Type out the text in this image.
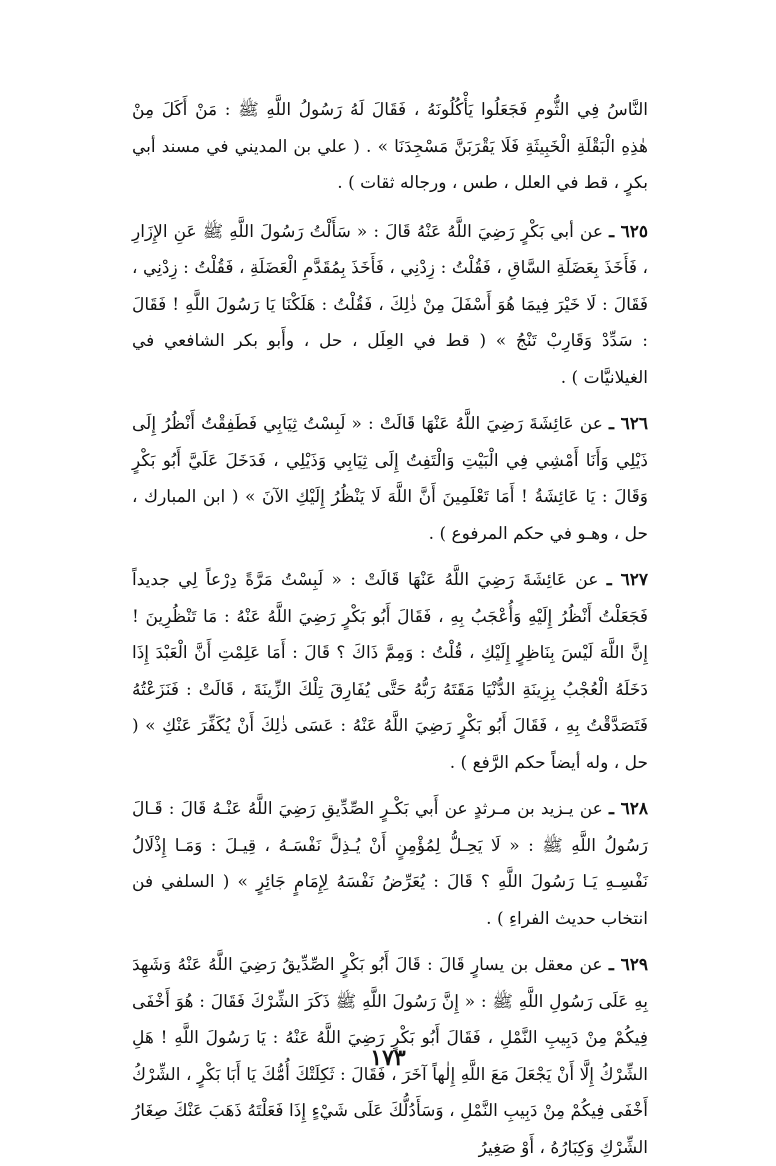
النَّاسُ فِي الثُّومِ فَجَعَلُوا يَأْكُلُونَهُ ، فَقَالَ لَهُ رَسُولُ اللَّهِ ﷺ : مَنْ أَكَلَ مِنْ هٰذِهِ الْبَقْلَةِ الْخَبِيثَةِ فَلَا يَقْرَبَنَّ مَسْجِدَنَا » . ( علي بن المديني في مسند أبي بكرٍ ، قط في العلل ، طس ، ورجاله ثقات ) .

٦٢٥ ـ عن أبي بَكْرٍ رَضِيَ اللَّهُ عَنْهُ قَالَ : « سَأَلْتُ رَسُولَ اللَّهِ ﷺ عَنِ الإِزَارِ ، فَأَخَذَ بِعَضَلَةِ السَّاقِ ، فَقُلْتُ : زِدْنِي ، فَأَخَذَ بِمُقَدَّمِ الْعَضَلَةِ ، فَقُلْتُ : زِدْنِي ، فَقَالَ : لَا خَيْرَ فِيمَا هُوَ أَسْفَلَ مِنْ ذٰلِكَ ، فَقُلْتُ : هَلَكْنَا يَا رَسُولَ اللَّهِ ! فَقَالَ : سَدِّدْ وَقَارِبْ تَنْجُ » ( قط في العِلَل ، حل ، وأَبو بكر الشافعي في الغيلانيَّات ) .

٦٢٦ ـ عن عَائِشَةَ رَضِيَ اللَّهُ عَنْهَا قَالَتْ : « لَبِسْتُ ثِيَابِي فَطَفِقْتُ أَنْظُرُ إِلَى ذَيْلِي وَأَنَا أَمْشِي فِي الْبَيْتِ وَالْتَفِتُ إِلَى ثِيَابِي وَذَيْلِي ، فَدَخَلَ عَلَيَّ أَبُو بَكْرٍ وَقَالَ : يَا عَائِشَةُ ! أَمَا تَعْلَمِينَ أَنَّ اللَّهَ لَا يَنْظُرُ إِلَيْكِ الآنَ » ( ابن المبارك ، حل ، وهـو في حكم المرفوع ) .

٦٢٧ ـ عن عَائِشَةَ رَضِيَ اللَّهُ عَنْهَا قَالَتْ : « لَبِسْتُ مَرَّةً دِرْعاً لِي جديداً فَجَعَلْتُ أَنْظُرُ إِلَيْهِ وَأُعْجَبُ بِهِ ، فَقَالَ أَبُو بَكْرٍ رَضِيَ اللَّهُ عَنْهُ : مَا تَنْظُرِينَ ! إِنَّ اللَّهَ لَيْسَ بِنَاظِرٍ إِلَيْكِ ، قُلْتُ : وَمِمَّ ذَاكَ ؟ قَالَ : أَمَا عَلِمْتِ أَنَّ الْعَبْدَ إِذَا دَخَلَهُ الْعُجْبُ بِزِينَةِ الدُّنْيَا مَقَتَهُ رَبُّهُ حَتَّى يُفَارِقَ تِلْكَ الزِّينَةَ ، قَالَتْ : فَنَزَعْتُهُ فَتَصَدَّقْتُ بِهِ ، فَقَالَ أَبُو بَكْرٍ رَضِيَ اللَّهُ عَنْهُ : عَسَى ذٰلِكَ أَنْ يُكَفِّرَ عَنْكِ » ( حل ، وله أيضاً حكم الرَّفع ) .

٦٢٨ ـ عن يـزيد بن مـرثدٍ عن أَبي بَكْـرٍ الصِّدِّيقِ رَضِيَ اللَّهُ عَنْـهُ قَالَ : قَـالَ رَسُولُ اللَّهِ ﷺ : « لَا يَحِـلُّ لِمُؤْمِنٍ أَنْ يُـذِلَّ نَفْسَـهُ ، قِيـلَ : وَمَـا إِذْلَالُ نَفْسِـهِ يَـا رَسُولَ اللَّهِ ؟ قَالَ : يُعَرِّضُ نَفْسَهُ لِإِمَامٍ جَائِرٍ » ( السلفي فن انتخاب حديث الفراءِ ) .

٦٢٩ ـ عن معقل بن يسارٍ قَالَ : قَالَ أَبُو بَكْرٍ الصِّدِّيقُ رَضِيَ اللَّهُ عَنْهُ وَشَهِدَ بِهِ عَلَى رَسُولِ اللَّهِ ﷺ : « إِنَّ رَسُولَ اللَّهِ ﷺ ذَكَرَ الشِّرْكَ فَقَالَ : هُوَ أَخْفَى فِيكُمْ مِنْ دَبِيبِ النَّمْلِ ، فَقَالَ أَبُو بَكْرٍ رَضِيَ اللَّهُ عَنْهُ : يَا رَسُولَ اللَّهِ ! هَلِ الشِّرْكُ إِلَّا أَنْ يَجْعَلَ مَعَ اللَّهِ إِلٰهاً آخَرَ ، فَقَالَ : ثَكِلَتْكَ أُمُّكَ يَا أَبَا بَكْرٍ ، الشِّرْكُ أَخْفَى فِيكُمْ مِنْ دَبِيبِ النَّمْلِ ، وَسَأَدُلُّكَ عَلَى شَيْءٍ إِذَا فَعَلْتَهُ ذَهَبَ عَنْكَ صِغَارُ الشِّرْكِ وَكِبَارُهُ ، أَوْ صَغِيرُ

١٧٣
